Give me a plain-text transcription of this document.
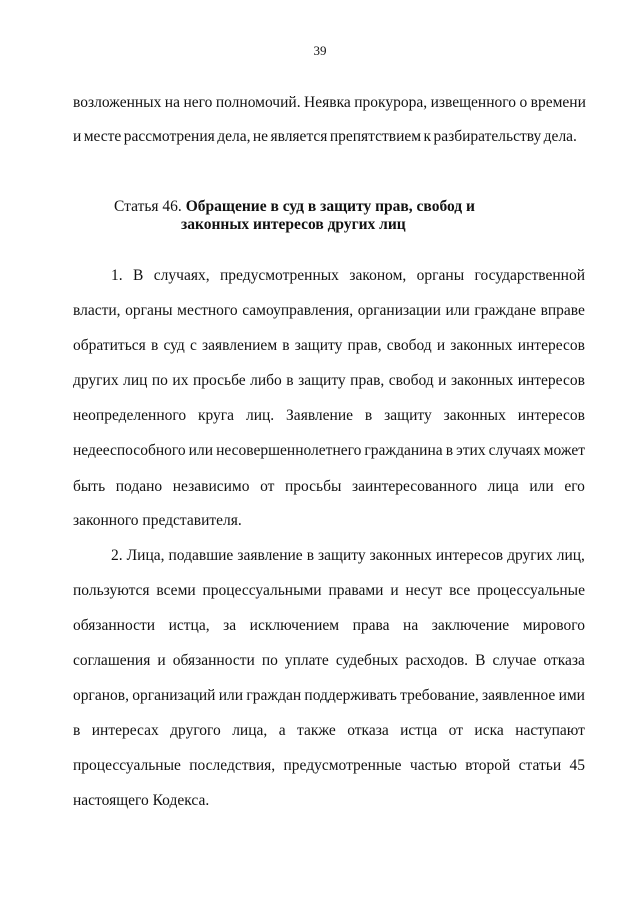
39
возложенных на него полномочий. Неявка прокурора, извещенного о времени
и месте рассмотрения дела, не является препятствием к разбирательству дела.
Статья 46. Обращение в суд в защиту прав, свобод и
законных интересов других лиц
1. В случаях, предусмотренных законом, органы государственной
власти, органы местного самоуправления, организации или граждане вправе
обратиться в суд с заявлением в защиту прав, свобод и законных интересов
других лиц по их просьбе либо в защиту прав, свобод и законных интересов
неопределенного круга лиц. Заявление в защиту законных интересов
недееспособного или несовершеннолетнего гражданина в этих случаях может
быть подано независимо от просьбы заинтересованного лица или его
законного представителя.
2. Лица, подавшие заявление в защиту законных интересов других лиц,
пользуются всеми процессуальными правами и несут все процессуальные
обязанности истца, за исключением права на заключение мирового
соглашения и обязанности по уплате судебных расходов. В случае отказа
органов, организаций или граждан поддерживать требование, заявленное ими
в интересах другого лица, а также отказа истца от иска наступают
процессуальные последствия, предусмотренные частью второй статьи 45
настоящего Кодекса.
